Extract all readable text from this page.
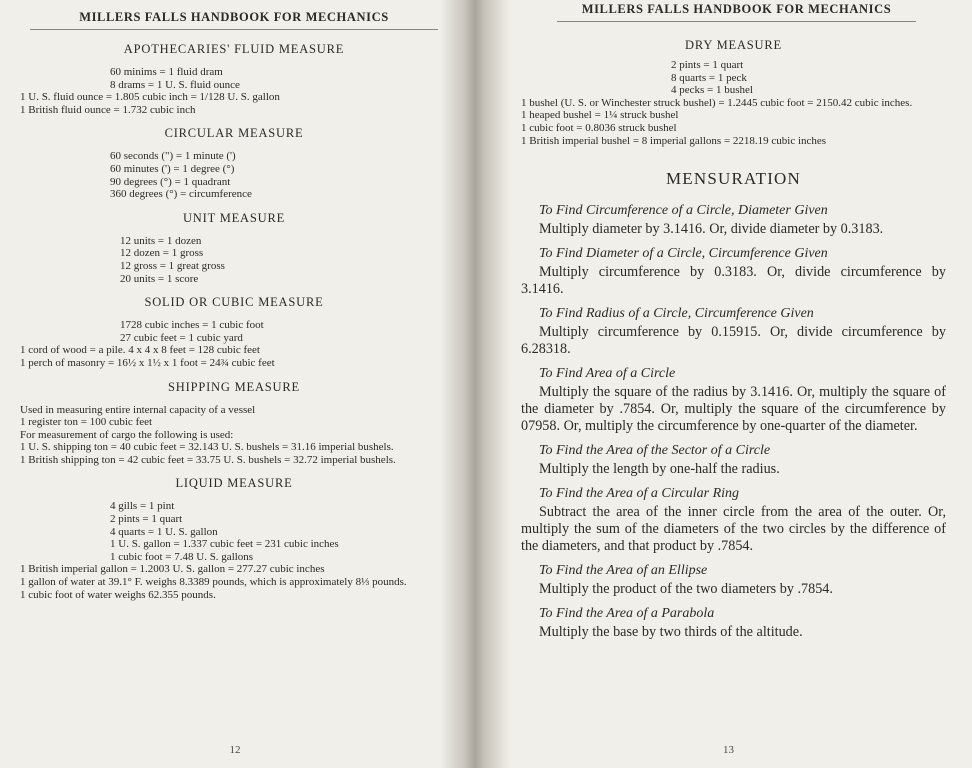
MILLERS FALLS HANDBOOK FOR MECHANICS
APOTHECARIES' FLUID MEASURE
60 minims = 1 fluid dram
8 drams = 1 U. S. fluid ounce
1 U. S. fluid ounce = 1.805 cubic inch = 1/128 U. S. gallon
1 British fluid ounce = 1.732 cubic inch
CIRCULAR MEASURE
60 seconds (") = 1 minute (')
60 minutes (') = 1 degree (°)
90 degrees (°) = 1 quadrant
360 degrees (°) = circumference
UNIT MEASURE
12 units = 1 dozen
12 dozen = 1 gross
12 gross = 1 great gross
20 units = 1 score
SOLID OR CUBIC MEASURE
1728 cubic inches = 1 cubic foot
27 cubic feet = 1 cubic yard
1 cord of wood = a pile. 4 x 4 x 8 feet = 128 cubic feet
1 perch of masonry = 16½ x 1½ x 1 foot = 24¾ cubic feet
SHIPPING MEASURE
Used in measuring entire internal capacity of a vessel
1 register ton = 100 cubic feet
For measurement of cargo the following is used:
1 U. S. shipping ton = 40 cubic feet = 32.143 U. S. bushels = 31.16 imperial bushels.
1 British shipping ton = 42 cubic feet = 33.75 U. S. bushels = 32.72 imperial bushels.
LIQUID MEASURE
4 gills = 1 pint
2 pints = 1 quart
4 quarts = 1 U. S. gallon
1 U. S. gallon = 1.337 cubic feet = 231 cubic inches
1 cubic foot = 7.48 U. S. gallons
1 British imperial gallon = 1.2003 U. S. gallon = 277.27 cubic inches
1 gallon of water at 39.1° F. weighs 8.3389 pounds, which is approximately 8⅓ pounds.
1 cubic foot of water weighs 62.355 pounds.
12
MILLERS FALLS HANDBOOK FOR MECHANICS
DRY MEASURE
2 pints = 1 quart
8 quarts = 1 peck
4 pecks = 1 bushel
1 bushel (U. S. or Winchester struck bushel) = 1.2445 cubic foot = 2150.42 cubic inches.
1 heaped bushel = 1¼ struck bushel
1 cubic foot = 0.8036 struck bushel
1 British imperial bushel = 8 imperial gallons = 2218.19 cubic inches
MENSURATION
To Find Circumference of a Circle, Diameter Given
Multiply diameter by 3.1416. Or, divide diameter by 0.3183.
To Find Diameter of a Circle, Circumference Given
Multiply circumference by 0.3183. Or, divide circumference by 3.1416.
To Find Radius of a Circle, Circumference Given
Multiply circumference by 0.15915. Or, divide circumference by 6.28318.
To Find Area of a Circle
Multiply the square of the radius by 3.1416. Or, multiply the square of the diameter by .7854. Or, multiply the square of the circumference by 07958. Or, multiply the circumference by one-quarter of the diameter.
To Find the Area of the Sector of a Circle
Multiply the length by one-half the radius.
To Find the Area of a Circular Ring
Subtract the area of the inner circle from the area of the outer. Or, multiply the sum of the diameters of the two circles by the difference of the diameters, and that product by .7854.
To Find the Area of an Ellipse
Multiply the product of the two diameters by .7854.
To Find the Area of a Parabola
Multiply the base by two thirds of the altitude.
13
